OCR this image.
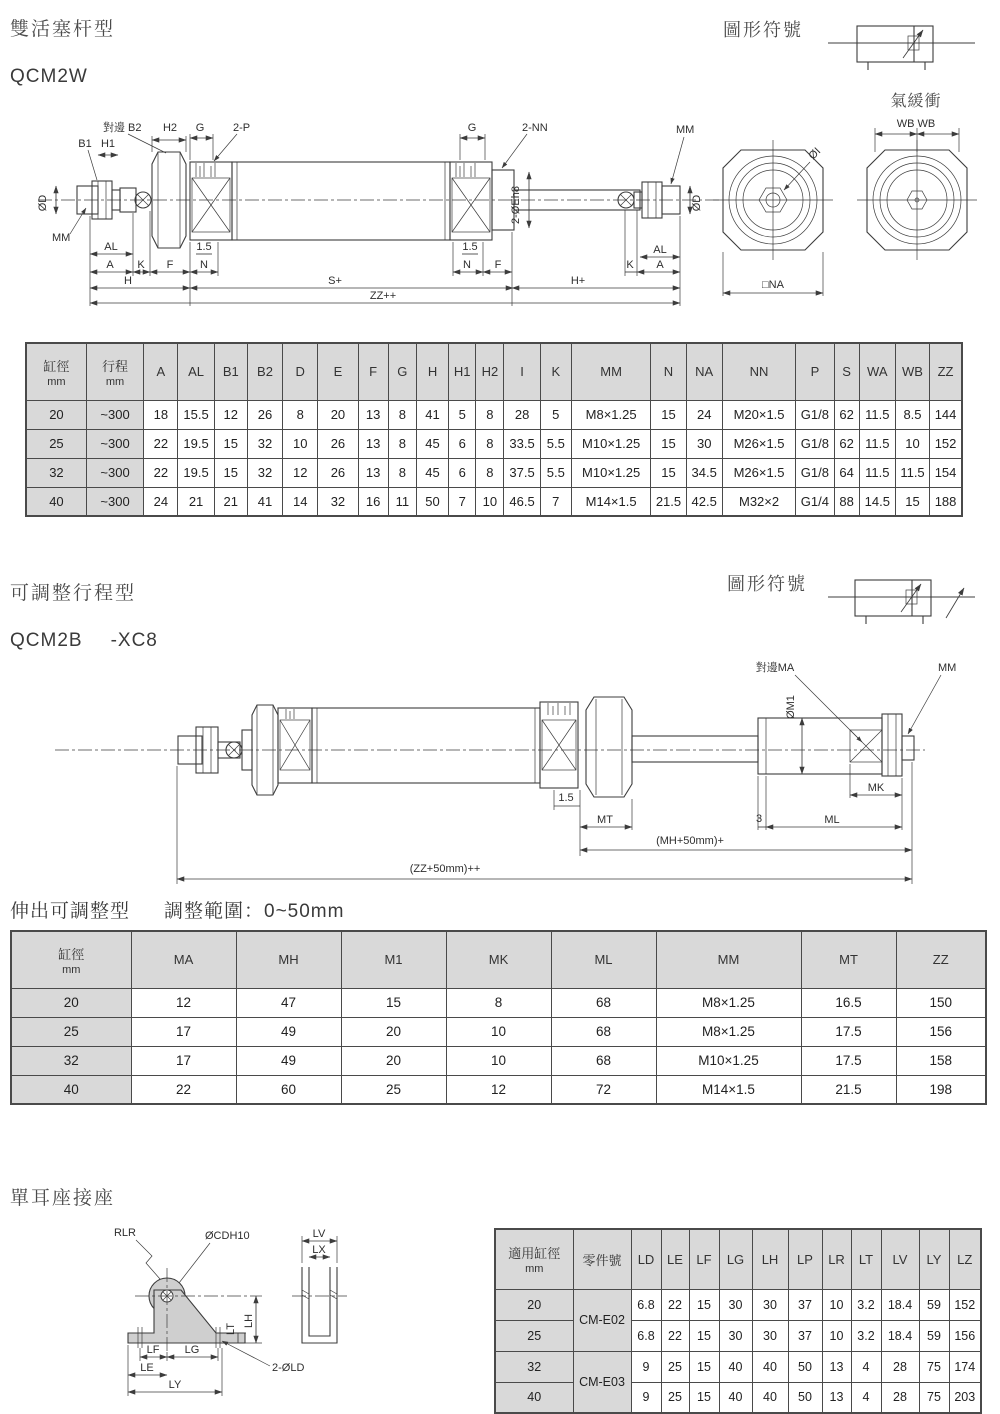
雙活塞杆型
QCM2W
圖形符號
可調整行程型
QCM2B -XC8
圖形符號
伸出可調整型 調整範圍：0~50mm
單耳座接座
氣緩衝
WB WB
B1 H1
對邊 B2 H2 G	2-P
MM
ØD
AL	1.5
A K F N
H	S+
ZZ++
G	2-NN	MM
2-ØEh8	ØD
1.5
N F	K
AL
A
H+
ØI
□NA
對邊MA	MM
ØM1
MK
1.5
MT	3	ML
(MH+50mm)+
(ZZ+50mm)++
RLR	ØCDH10
LH
LT
LF LG
LE
LY
2-ØLD
LV
LX
缸徑
mm

行程
mm

A	AL	B1	B2	D	E	F	G	H	H1	H2	I	K	MM	N	NA	NN	P	S	WA	WB	ZZ

20	~300	18	15.5	12	26	8	20	13	8	41	5	8	28	5	M8×1.25	15	24	M20×1.5	G1/8	62	11.5	8.5	144
25	~300	22	19.5	15	32	10	26	13	8	45	6	8	33.5	5.5	M10×1.25	15	30	M26×1.5	G1/8	62	11.5	10	152
32	~300	22	19.5	15	32	12	26	13	8	45	6	8	37.5	5.5	M10×1.25	15	34.5	M26×1.5	G1/8	64	11.5	11.5	154
40	~300	24	21	21	41	14	32	16	11	50	7	10	46.5	7	M14×1.5	21.5	42.5	M32×2	G1/4	88	14.5	15	188
缸徑
mm	MA	MH	M1	MK	ML	MM	MT	ZZ

20	12	47	15	8	68	M8×1.25	16.5	150
25	17	49	20	10	68	M8×1.25	17.5	156
32	17	49	20	10	68	M10×1.25	17.5	158
40	22	60	25	12	72	M14×1.5	21.5	198
適用缸徑
mm	零件號	LD	LE	LF	LG	LH	LP	LR	LT	LV	LY	LZ

20	CM-E02	6.8	22	15	30	30	37	10	3.2	18.4	59	152
25		6.8	22	15	30	30	37	10	3.2	18.4	59	156
32	CM-E03	9	25	15	40	40	50	13	4	28	75	174
40		9	25	15	40	40	50	13	4	28	75	203
